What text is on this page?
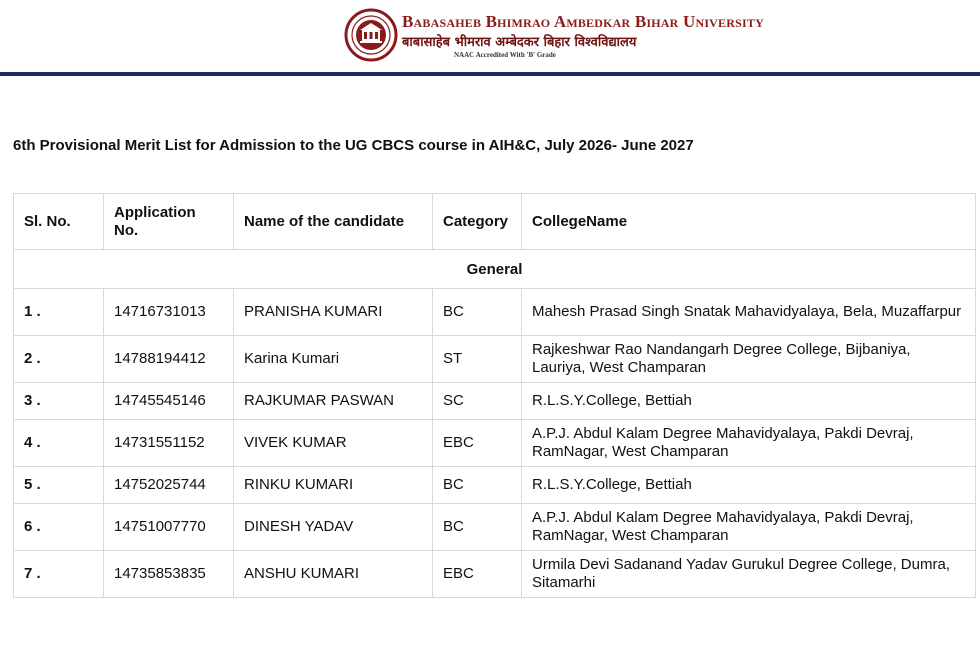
Babasaheb Bhimrao Ambedkar Bihar University
बाबासाहेब भीमराव अम्बेदकर बिहार विश्वविद्यालय
NAAC Accredited With 'B' Grade
6th Provisional Merit List for Admission to the UG CBCS course in AIH&C, July 2026- June 2027
Sl. No.	Application No.	Name of the candidate	Category	CollegeName
General				
1 .	14716731013	PRANISHA KUMARI	BC	Mahesh Prasad Singh Snatak Mahavidyalaya, Bela, Muzaffarpur
2 .	14788194412	Karina Kumari	ST	Rajkeshwar Rao Nandangarh Degree College, Bijbaniya, Lauriya, West Champaran
3 .	14745545146	RAJKUMAR PASWAN	SC	R.L.S.Y.College, Bettiah
4 .	14731551152	VIVEK KUMAR	EBC	A.P.J. Abdul Kalam Degree Mahavidyalaya, Pakdi Devraj, RamNagar, West Champaran
5 .	14752025744	RINKU KUMARI	BC	R.L.S.Y.College, Bettiah
6 .	14751007770	DINESH YADAV	BC	A.P.J. Abdul Kalam Degree Mahavidyalaya, Pakdi Devraj, RamNagar, West Champaran
7 .	14735853835	ANSHU KUMARI	EBC	Urmila Devi Sadanand Yadav Gurukul Degree College, Dumra, Sitamarhi
